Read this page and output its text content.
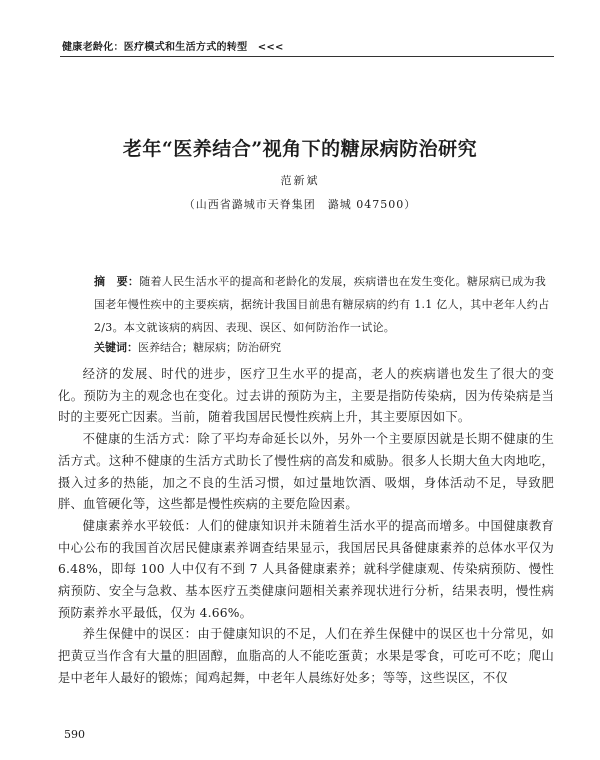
健康老龄化：医疗模式和生活方式的转型　<<<
老年“医养结合”视角下的糖尿病防治研究
范新斌
（山西省潞城市天脊集团　潞城 047500）

摘　要：随着人民生活水平的提高和老龄化的发展，疾病谱也在发生变化。糖尿病已成为我国老年慢性疾中的主要疾病，据统计我国目前患有糖尿病的约有 1.1 亿人，其中老年人约占 2/3。本文就该病的病因、表现、误区、如何防治作一试论。

关键词：医养结合；糖尿病；防治研究

经济的发展、时代的进步，医疗卫生水平的提高，老人的疾病谱也发生了很大的变化。预防为主的观念也在变化。过去讲的预防为主，主要是指防传染病，因为传染病是当时的主要死亡因素。当前，随着我国居民慢性疾病上升，其主要原因如下。

不健康的生活方式：除了平均寿命延长以外，另外一个主要原因就是长期不健康的生活方式。这种不健康的生活方式助长了慢性病的高发和威胁。很多人长期大鱼大肉地吃，摄入过多的热能，加之不良的生活习惯，如过量地饮酒、吸烟，身体活动不足，导致肥胖、血管硬化等，这些都是慢性疾病的主要危险因素。

健康素养水平较低：人们的健康知识并未随着生活水平的提高而增多。中国健康教育中心公布的我国首次居民健康素养调查结果显示，我国居民具备健康素养的总体水平仅为 6.48%，即每 100 人中仅有不到 7 人具备健康素养；就科学健康观、传染病预防、慢性病预防、安全与急救、基本医疗五类健康问题相关素养现状进行分析，结果表明，慢性病预防素养水平最低，仅为 4.66%。

养生保健中的误区：由于健康知识的不足，人们在养生保健中的误区也十分常见，如把黄豆当作含有大量的胆固醇，血脂高的人不能吃蛋黄；水果是零食，可吃可不吃；爬山是中老年人最好的锻炼；闻鸡起舞，中老年人晨练好处多；等等，这些误区，不仅

590
